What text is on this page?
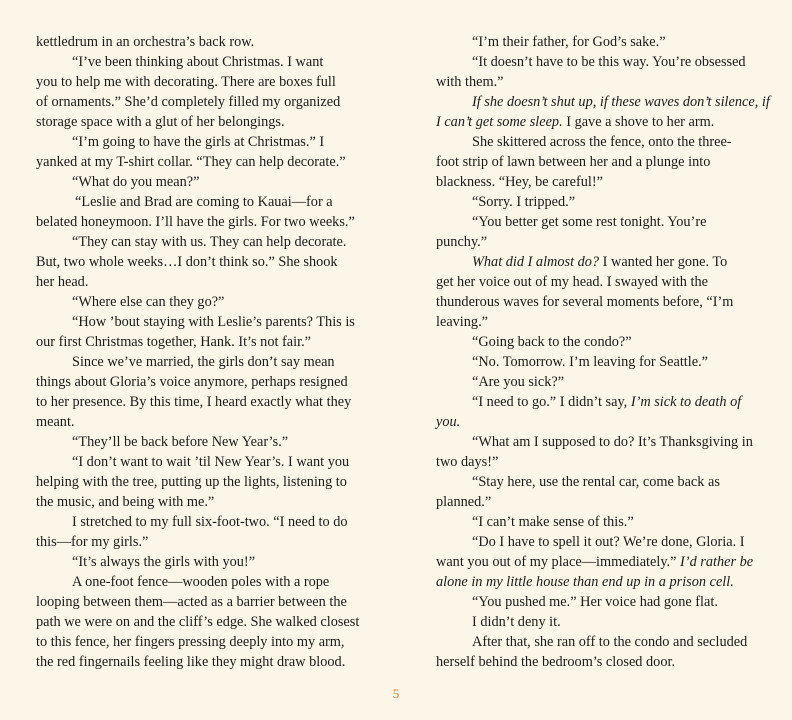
kettledrum in an orchestra’s back row.
“I’ve been thinking about Christmas. I want
you to help me with decorating. There are boxes full
of ornaments.” She’d completely filled my organized
storage space with a glut of her belongings.
“I’m going to have the girls at Christmas.” I
yanked at my T-shirt collar. “They can help decorate.”
“What do you mean?”
“Leslie and Brad are coming to Kauai—for a
belated honeymoon. I’ll have the girls. For two weeks.”
“They can stay with us. They can help decorate.
But, two whole weeks…I don’t think so.” She shook
her head.
“Where else can they go?”
“How ’bout staying with Leslie’s parents? This is
our first Christmas together, Hank. It’s not fair.”
Since we’ve married, the girls don’t say mean
things about Gloria’s voice anymore, perhaps resigned
to her presence. By this time, I heard exactly what they
meant.
“They’ll be back before New Year’s.”
“I don’t want to wait ’til New Year’s. I want you
helping with the tree, putting up the lights, listening to
the music, and being with me.”
I stretched to my full six-foot-two. “I need to do
this—for my girls.”
“It’s always the girls with you!”
A one-foot fence—wooden poles with a rope
looping between them—acted as a barrier between the
path we were on and the cliff’s edge. She walked closest
to this fence, her fingers pressing deeply into my arm,
the red fingernails feeling like they might draw blood.
“I’m their father, for God’s sake.”
“It doesn’t have to be this way. You’re obsessed
with them.”
If she doesn’t shut up, if these waves don’t silence, if
I can’t get some sleep. I gave a shove to her arm.
She skittered across the fence, onto the three-
foot strip of lawn between her and a plunge into
blackness. “Hey, be careful!”
“Sorry. I tripped.”
“You better get some rest tonight. You’re
punchy.”
What did I almost do? I wanted her gone. To
get her voice out of my head. I swayed with the
thunderous waves for several moments before, “I’m
leaving.”
“Going back to the condo?”
“No. Tomorrow. I’m leaving for Seattle.”
“Are you sick?”
“I need to go.” I didn’t say, I’m sick to death of
you.
“What am I supposed to do? It’s Thanksgiving in
two days!”
“Stay here, use the rental car, come back as
planned.”
“I can’t make sense of this.”
“Do I have to spell it out? We’re done, Gloria. I
want you out of my place—immediately.” I’d rather be
alone in my little house than end up in a prison cell.
“You pushed me.” Her voice had gone flat.
I didn’t deny it.
After that, she ran off to the condo and secluded
herself behind the bedroom’s closed door.
5
